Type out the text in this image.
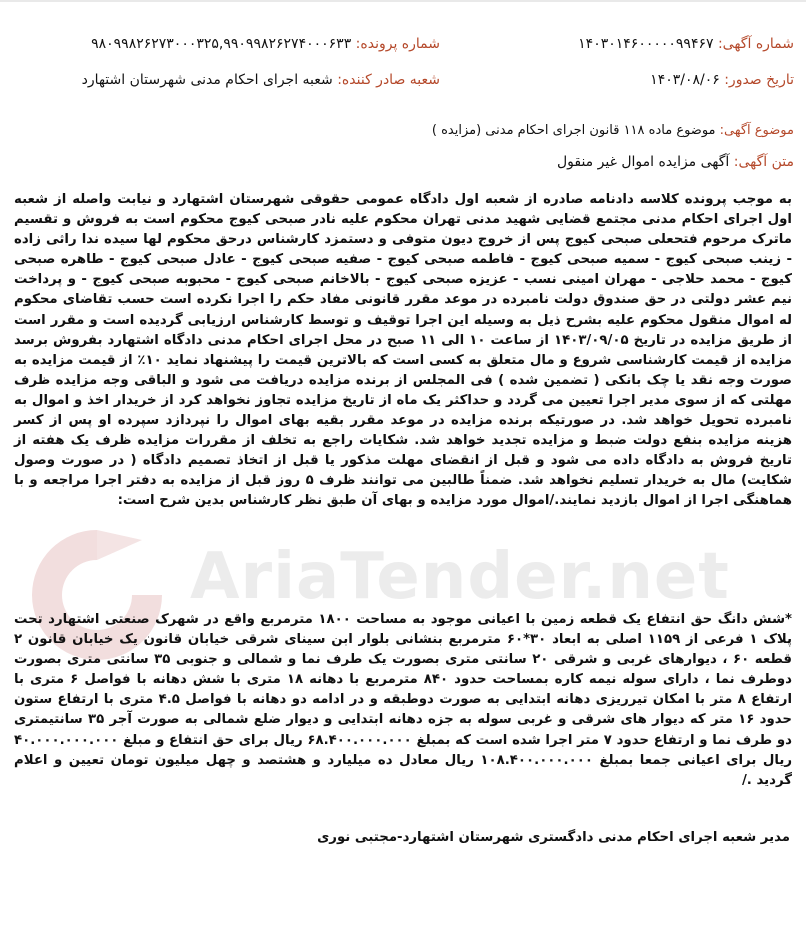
AriaTender.net
شماره آگهی: ۱۴۰۳۰۱۴۶۰۰۰۰۰۹۹۴۶۷
شماره پرونده: ۹۸۰۹۹۸۲۶۲۷۳۰۰۰۳۲۵,۹۹۰۹۹۸۲۶۲۷۴۰۰۰۶۳۳
تاریخ صدور: ۱۴۰۳/۰۸/۰۶
شعبه صادر کننده: شعبه اجرای احکام مدنی شهرستان اشتهارد
موضوع آگهی: موضوع ماده ۱۱۸ قانون اجرای احکام مدنی (مزایده )
متن آگهی: آگهی مزایده اموال غیر منقول
به موجب پرونده کلاسه دادنامه صادره از شعبه اول دادگاه عمومی حقوقی شهرستان اشتهارد و نیابت واصله از شعبه اول اجرای احکام مدنی مجتمع قضایی شهید مدنی تهران محکوم علیه نادر صبحی کیوج محکوم است به فروش و تقسیم ماترک مرحوم فتحعلی صبحی کیوج پس از خروج دیون متوفی و دستمزد کارشناس درحق محکوم لها سیده ندا راثی زاده - زینب صبحی کیوج - سمیه صبحی کیوج - فاطمه صبحی کیوج - صفیه صبحی کیوج - عادل صبحی کیوج - طاهره صبحی کیوج - محمد حلاجی - مهران امینی نسب - عزیزه صبحی کیوج - بالاخانم صبحی کیوج - محبوبه صبحی کیوج - و پرداخت نیم عشر دولتی در حق صندوق دولت نامبرده در موعد مقرر قانونی مفاد حکم را اجرا نکرده است حسب تقاضای محکوم له اموال منقول محکوم علیه بشرح ذیل به وسیله این اجرا توقیف و توسط کارشناس ارزیابی گردیده است و مقرر است از طریق مزایده در تاریخ ۱۴۰۳/۰۹/۰۵ از ساعت ۱۰ الی ۱۱ صبح در محل اجرای احکام مدنی دادگاه اشتهارد بفروش برسد مزایده از قیمت کارشناسی شروع و مال متعلق به کسی است که بالاترین قیمت را پیشنهاد نماید ۱۰٪ از قیمت مزایده به صورت وجه نقد یا چک بانکی ( تضمین شده ) فی المجلس از برنده مزایده دریافت می شود و الباقی وجه مزایده ظرف مهلتی که از سوی مدیر اجرا تعیین می گردد و حداکثر یک ماه از تاریخ مزایده تجاوز نخواهد کرد از خریدار اخذ و اموال به نامبرده تحویل خواهد شد. در صورتیکه برنده مزایده در موعد مقرر بقیه بهای اموال را نپردازد سپرده او پس از کسر هزینه مزایده بنفع دولت ضبط و مزایده تجدید خواهد شد. شکایات راجع به تخلف از مقررات مزایده ظرف یک هفته از تاریخ فروش به دادگاه داده می شود و قبل از انقضای مهلت مذکور یا قبل از اتخاذ تصمیم دادگاه ( در صورت وصول شکایت) مال به خریدار تسلیم نخواهد شد. ضمناً طالبین می توانند ظرف ۵ روز قبل از مزایده به دفتر اجرا مراجعه و با هماهنگی اجرا از اموال بازدید نمایند./اموال مورد مزایده و بهای آن طبق نظر کارشناس بدین شرح است:
*شش دانگ حق انتفاع یک قطعه زمین با اعیانی موجود به مساحت ۱۸۰۰ مترمربع واقع در شهرک صنعتی اشتهارد تحت پلاک ۱ فرعی از ۱۱۵۹ اصلی به ابعاد ۳۰*۶۰ مترمربع بنشانی بلوار ابن سینای شرقی خیابان قانون یک خیابان قانون ۲ قطعه ۶۰ ، دیوارهای غربی و شرقی ۲۰ سانتی متری بصورت یک طرف نما و شمالی و جنوبی ۳۵ سانتی متری بصورت دوطرف نما ، دارای سوله نیمه کاره بمساحت حدود ۸۴۰ مترمربع با دهانه ۱۸ متری با شش دهانه با فواصل ۶ متری با ارتفاع ۸ متر با امکان تیرریزی دهانه ابتدایی به صورت دوطبقه و در ادامه دو دهانه با فواصل ۴.۵ متری با ارتفاع ستون حدود ۱۶ متر که دیوار های شرقی و غربی سوله به جزه دهانه ابتدایی و دیوار ضلع شمالی به صورت آجر ۳۵ سانتیمتری دو طرف نما و ارتفاع حدود ۷ متر اجرا شده است که بمبلغ ۶۸.۴۰۰.۰۰۰.۰۰۰ ریال برای حق انتفاع و مبلغ ۴۰.۰۰۰.۰۰۰.۰۰۰ ریال برای اعیانی جمعا بمبلغ ۱۰۸.۴۰۰.۰۰۰.۰۰۰ ریال معادل ده میلیارد و هشتصد و چهل میلیون تومان تعیین و اعلام گردید ./
مدیر شعبه اجرای احکام مدنی دادگستری شهرستان اشتهارد-مجتبی نوری
